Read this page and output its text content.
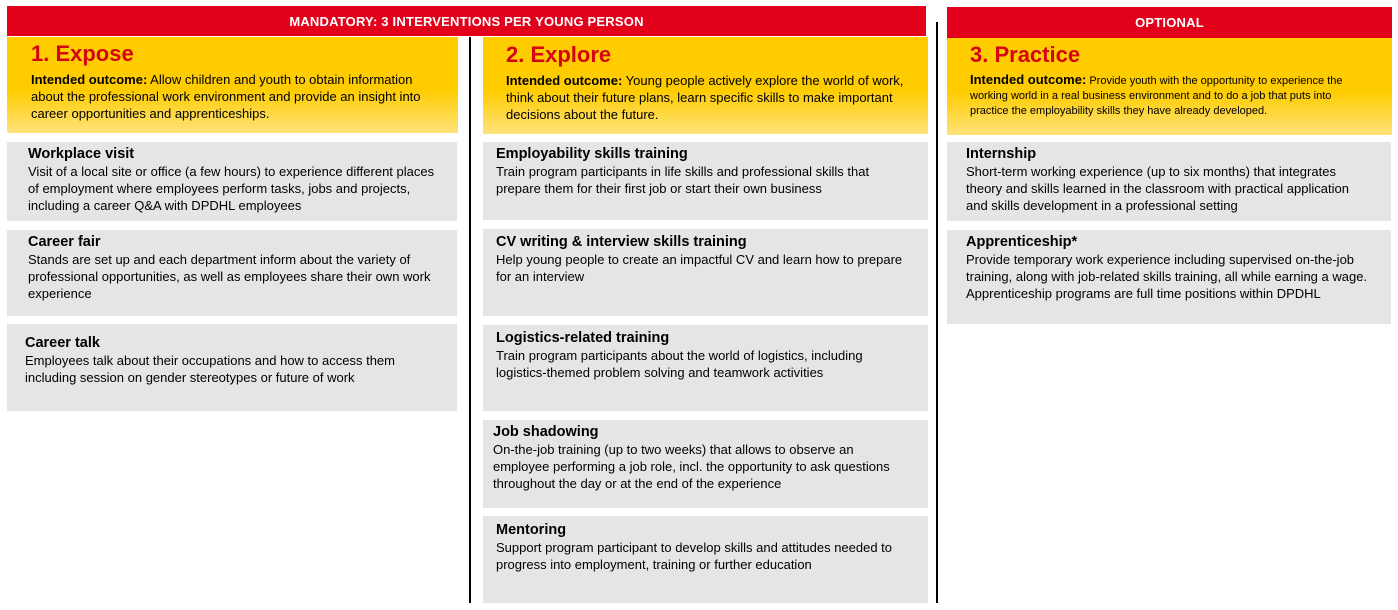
MANDATORY: 3 INTERVENTIONS PER YOUNG PERSON	OPTIONAL
1. Expose
Intended outcome: Allow children and youth to obtain information about the professional work environment and provide an insight into career opportunities and apprenticeships.
2. Explore
Intended outcome: Young people actively explore the world of work, think about their future plans, learn specific skills to make important decisions about the future.
3. Practice
Intended outcome: Provide youth with the opportunity to experience the working world in a real business environment and to do a job that puts into practice the employability skills they have already developed.
Workplace visit
Visit of a local site or office (a few hours) to experience different places of employment where employees perform tasks, jobs and projects, including a career Q&A with DPDHL employees
Career fair
Stands are set up and each department inform about the variety of professional opportunities, as well as employees share their own work experience
Career talk
Employees talk about their occupations and how to access them including session on gender stereotypes or future of work
Employability skills training
Train program participants in life skills and professional skills that prepare them for their first job or start their own business
CV writing & interview skills training
Help young people to create an impactful CV and learn how to prepare for an interview
Logistics-related training
Train program participants about the world of logistics, including logistics-themed problem solving and teamwork activities
Job shadowing
On-the-job training (up to two weeks) that allows to observe an employee performing a job role, incl. the opportunity to ask questions throughout the day or at the end of the experience
Mentoring
Support program participant to develop skills and attitudes needed to progress into employment, training or further education
Internship
Short-term working experience (up to six months) that integrates theory and skills learned in the classroom with practical application and skills development in a professional setting
Apprenticeship*
Provide temporary work experience including supervised on-the-job training, along with job-related skills training, all while earning a wage. Apprenticeship programs are full time positions within DPDHL
